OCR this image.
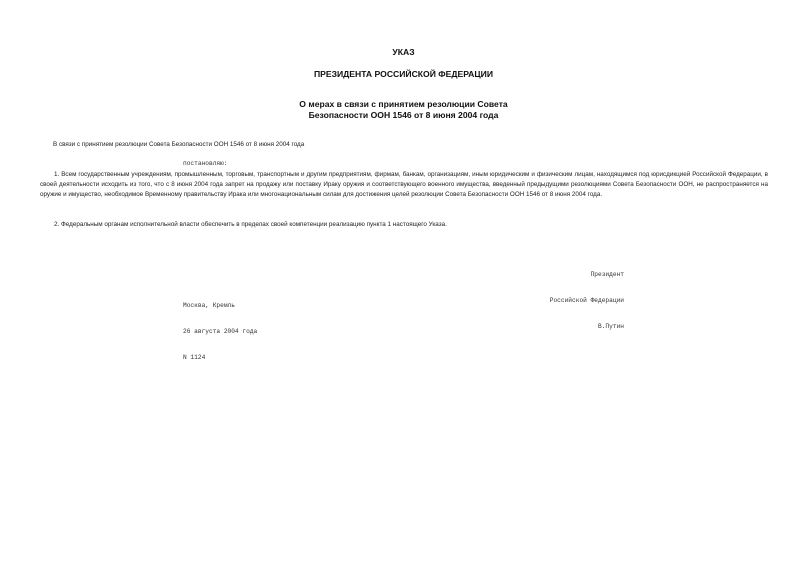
УКАЗ
ПРЕЗИДЕНТА РОССИЙСКОЙ ФЕДЕРАЦИИ
О мерах в связи с принятием резолюции Совета
Безопасности ООН 1546 от 8 июня 2004 года
В связи с принятием резолюции Совета Безопасности ООН 1546 от 8 июня 2004 года
постановляю:
1. Всем государственным учреждениям, промышленным, торговым, транспортным и другим предприятиям, фирмам, банкам, организациям, иным юридическим и физическим лицам, находящимся под юрисдикцией Российской Федерации, в своей деятельности исходить из того, что с 8 июня 2004 года запрет на продажу или поставку Ираку оружия и соответствующего военного имущества, введенный предыдущими резолюциями Совета Безопасности ООН, не распространяется на оружие и имущество, необходимое Временному правительству Ирака или многонациональным силам для достижения целей резолюции Совета Безопасности ООН 1546 от 8 июня 2004 года.
2. Федеральным органам исполнительной власти обеспечить в пределах своей компетенции реализацию пункта 1 настоящего Указа.

Президент

Российской Федерации

В.Путин

Москва, Кремль

26 августа 2004 года

N 1124
